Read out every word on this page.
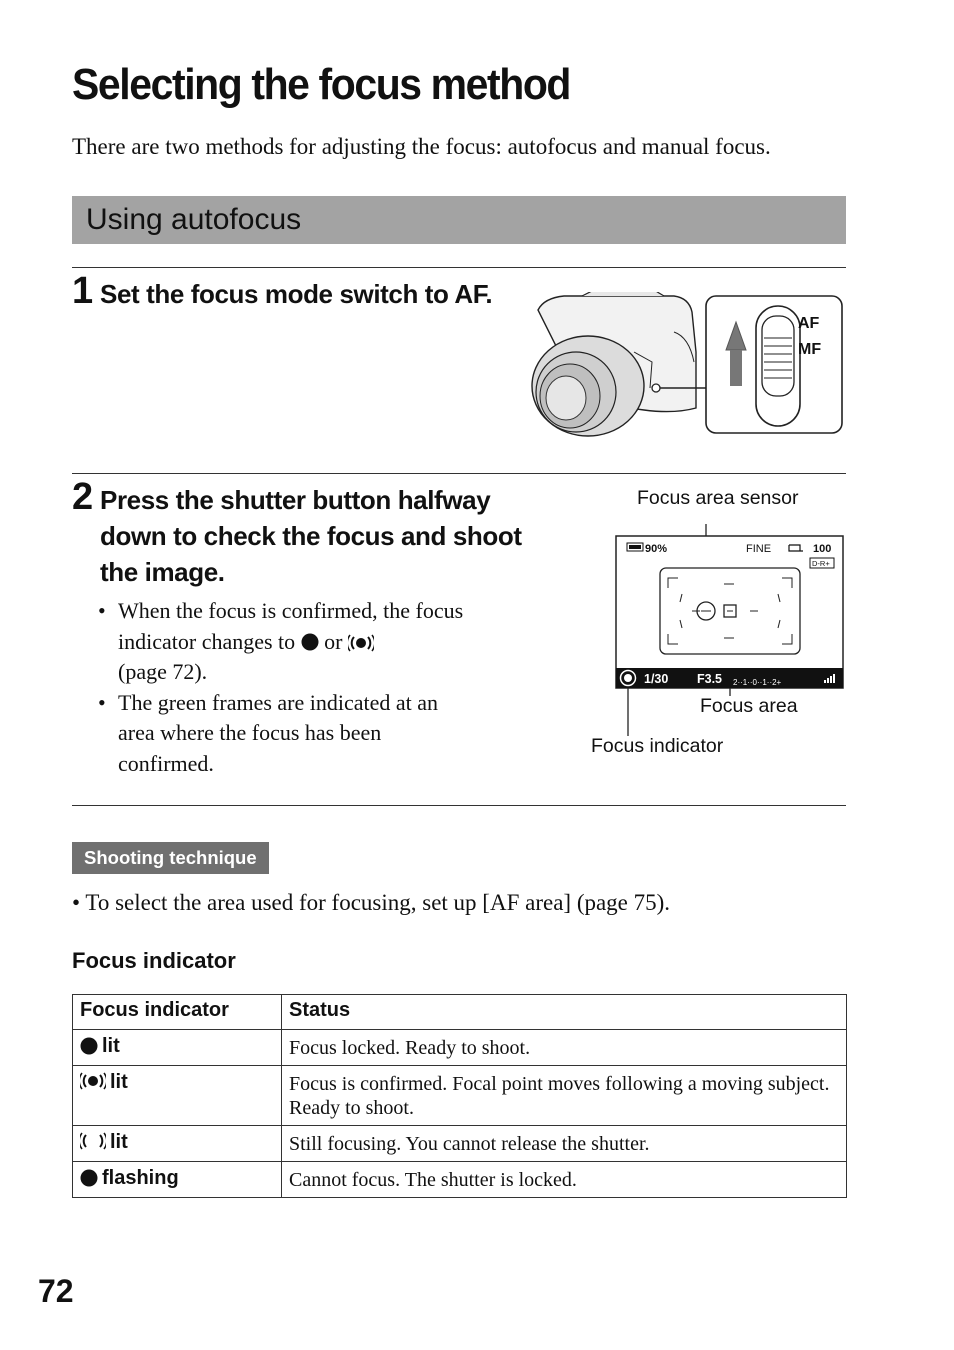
Selecting the focus method
There are two methods for adjusting the focus: autofocus and manual focus.
Using autofocus
1 Set the focus mode switch to AF.
AF
MF
2 Press the shutter button halfway
down to check the focus and shoot
the image.
• When the focus is confirmed, the focus
indicator changes to or
(page 72).
• The green frames are indicated at an
area where the focus has been
confirmed.
Focus area sensor
90%	FINE	100
D-R+
1/30 F3.5 2··1··0··1··2+
Focus area
Focus indicator
Shooting technique
• To select the area used for focusing, set up [AF area] (page 75).
Focus indicator
Focus indicator	Status
lit	Focus locked. Ready to shoot.
lit	Focus is confirmed. Focal point moves following a moving subject. Ready to shoot.
lit	Still focusing. You cannot release the shutter.
flashing	Cannot focus. The shutter is locked.
72
